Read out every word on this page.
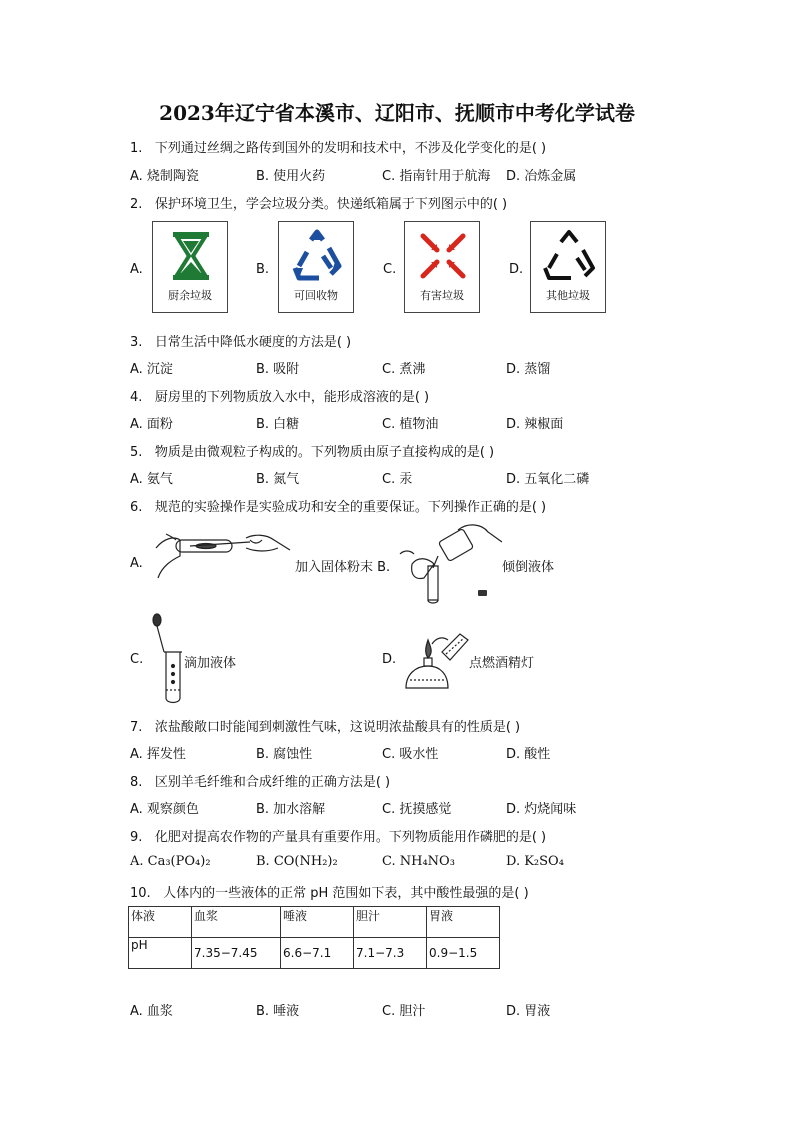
2023年辽宁省本溪市、辽阳市、抚顺市中考化学试卷
1. 下列通过丝绸之路传到国外的发明和技术中，不涉及化学变化的是( )
A. 烧制陶瓷	B. 使用火药	C. 指南针用于航海 D. 冶炼金属
2. 保护环境卫生，学会垃圾分类。快递纸箱属于下列图示中的( )
A.	B.	C.	D.
厨余垃圾	可回收物	有害垃圾	其他垃圾
3. 日常生活中降低水硬度的方法是( )
A. 沉淀	B. 吸附	C. 煮沸	D. 蒸馏
4. 厨房里的下列物质放入水中，能形成溶液的是( )
A. 面粉	B. 白糖	C. 植物油	D. 辣椒面
5. 物质是由微观粒子构成的。下列物质由原子直接构成的是( )
A. 氨气	B. 氮气	C. 汞	D. 五氧化二磷
6. 规范的实验操作是实验成功和安全的重要保证。下列操作正确的是( )
A.	加入固体粉末 B.	倾倒液体
C.	滴加液体	D.	点燃酒精灯
7. 浓盐酸敞口时能闻到刺激性气味，这说明浓盐酸具有的性质是( )
A. 挥发性	B. 腐蚀性	C. 吸水性	D. 酸性
8. 区别羊毛纤维和合成纤维的正确方法是( )
A. 观察颜色	B. 加水溶解	C. 抚摸感觉	D. 灼烧闻味
9. 化肥对提高农作物的产量具有重要作用。下列物质能用作磷肥的是( )
A. Ca₃(PO₄)₂	B. CO(NH₂)₂	C. NH₄NO₃	D. K₂SO₄
10. 人体内的一些液体的正常 pH 范围如下表，其中酸性最强的是( )
体液	血浆	唾液	胆汁	胃液
pH	7.35−7.45	6.6−7.1	7.1−7.3	0.9−1.5
A. 血浆	B. 唾液	C. 胆汁	D. 胃液
